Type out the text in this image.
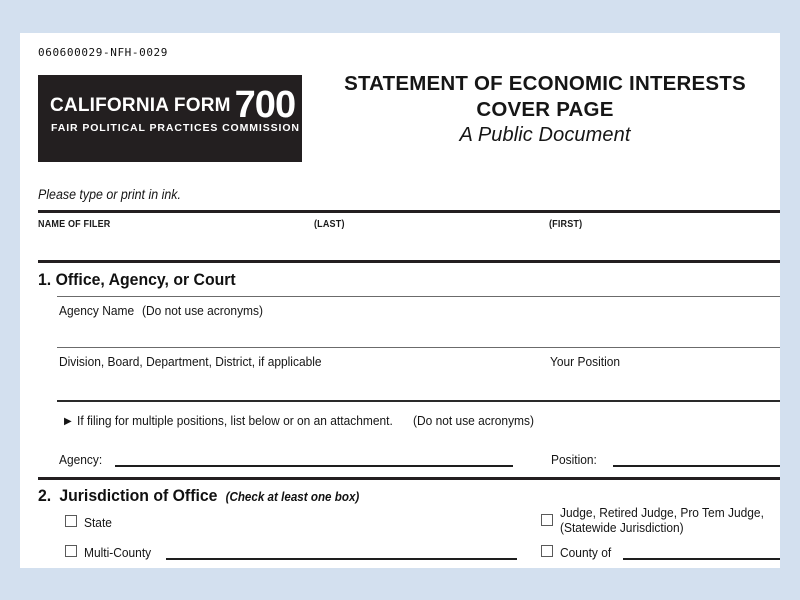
060600029-NFH-0029
CALIFORNIA FORM 700
FAIR POLITICAL PRACTICES COMMISSION
STATEMENT OF ECONOMIC INTERESTS
COVER PAGE
A Public Document
Please type or print in ink.
NAME OF FILER	(LAST)	(FIRST)
1. Office, Agency, or Court
Agency Name (Do not use acronyms)
Division, Board, Department, District, if applicable	Your Position
▶ If filing for multiple positions, list below or on an attachment. (Do not use acronyms)
Agency:	Position:
2. Jurisdiction of Office (Check at least one box)
State
Multi-County
Judge, Retired Judge, Pro Tem Judge,
(Statewide Jurisdiction)
County of
